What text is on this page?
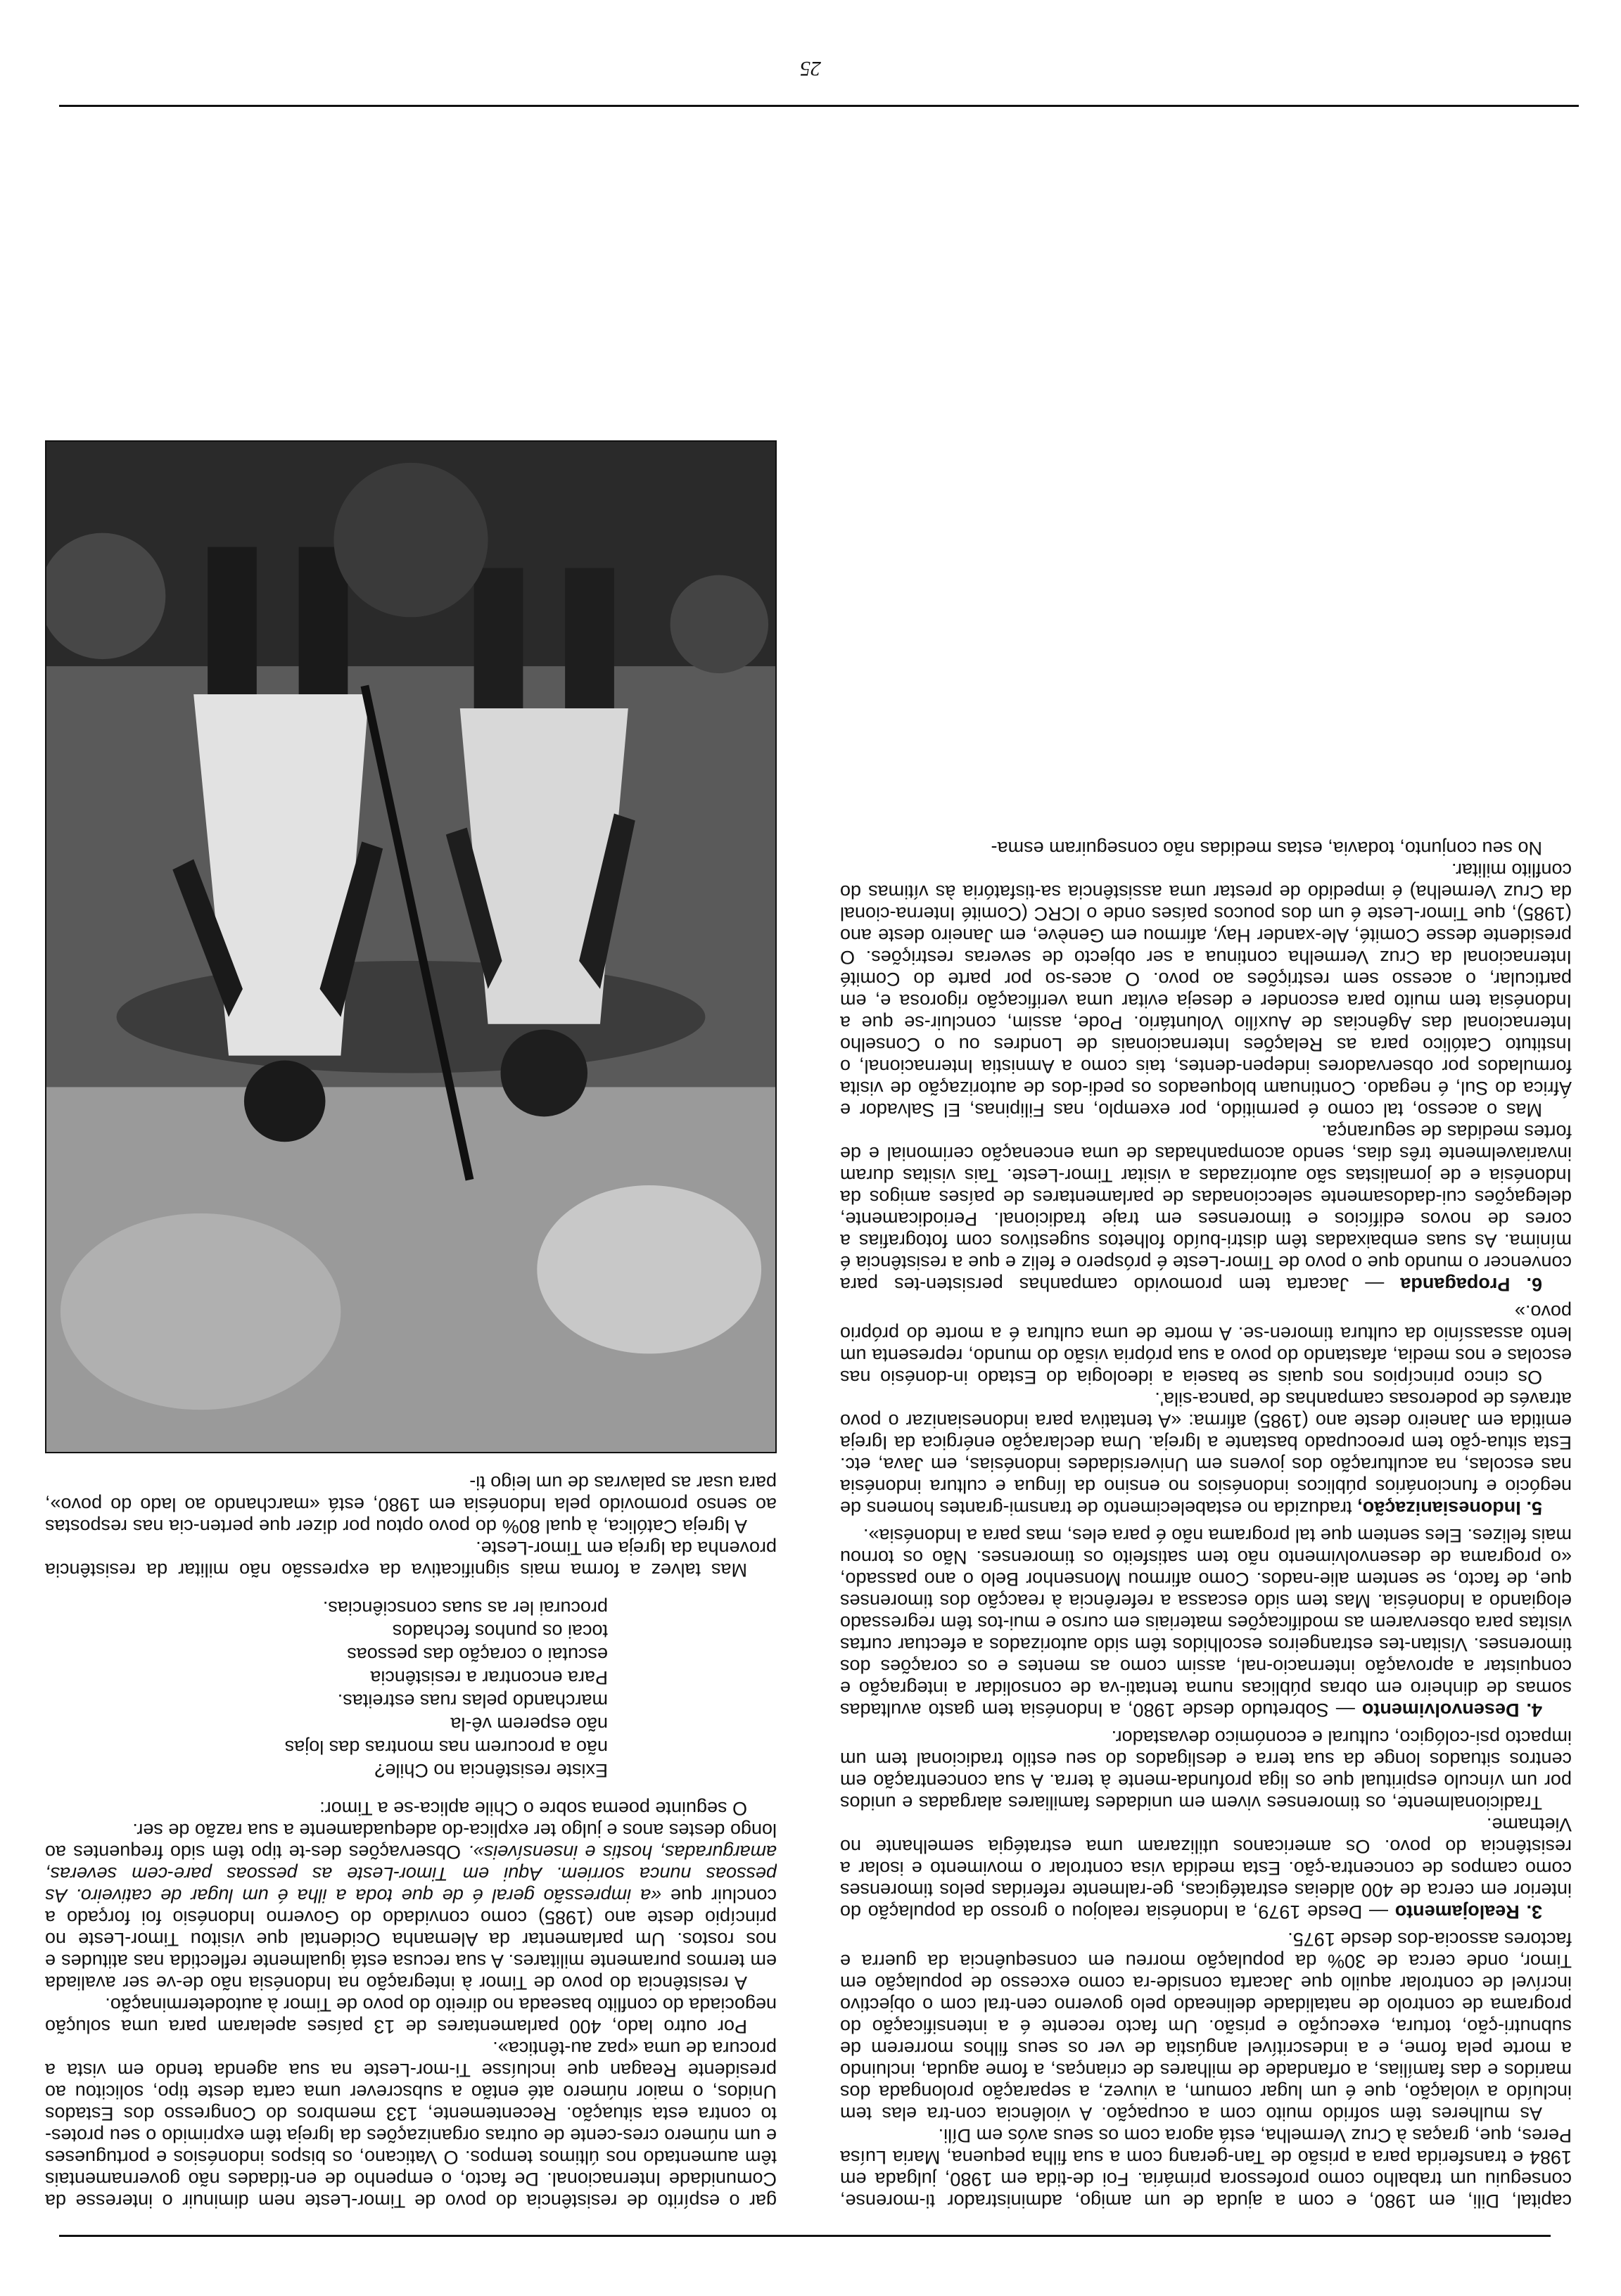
capital, Dili, em 1980, e com a ajuda de um amigo, administrador ti-morense, conseguiu um trabalho como professora primária. Foi de-tida em 1980, julgada em 1984 e transferida para a prisão de Tan-gerang com a sua filha pequena, Maria Luísa Peres, que, graças à Cruz Vermelha, está agora com os seus avós em Díli.

As mulheres têm sofrido muito com a ocupação. A violência con-tra elas tem incluído a violação, que é um lugar comum, a viuvez, a separação prolongada dos maridos e das famílias, a orfandade de milhares de crianças, a fome aguda, incluindo a morte pela fome, e a indescritível angústia de ver os seus filhos morrerem de subnutri-ção, tortura, execução e prisão. Um facto recente é a intensificação do programa de controlo de natalidade delineado pelo governo cen-tral com o objectivo incrível de controlar aquilo que Jacarta conside-ra como excesso de população em Timor, onde cerca de 30% da população morreu em consequência da guerra e factores associa-dos desde 1975.

3. Realojamento — Desde 1979, a Indonésia realojou o grosso da população do interior em cerca de 400 aldeias estratégicas, ge-ralmente referidas pelos timorenses como campos de concentra-ção. Esta medida visa controlar o movimento e isolar a resistência do povo. Os americanos utilizaram uma estratégia semelhante no Vietname.

Tradicionalmente, os timorenses vivem em unidades familiares alargadas e unidos por um vínculo espiritual que os liga profunda-mente à terra. A sua concentração em centros situados longe da sua terra e desligados do seu estilo tradicional tem um impacto psi-cológico, cultural e económico devastador.

4. Desenvolvimento — Sobretudo desde 1980, a Indonésia tem gasto avultadas somas de dinheiro em obras públicas numa tentati-va de consolidar a integração e conquistar a aprovação internacio-nal, assim como as mentes e os corações dos timorenses. Visitan-tes estrangeiros escolhidos têm sido autorizados a efectuar curtas visitas para observarem as modificações materiais em curso e mui-tos têm regressado elogiando a Indonésia. Mas tem sido escassa a referência à reacção dos timorenses que, de facto, se sentem alie-nados. Como afirmou Monsenhor Belo o ano passado, «o programa de desenvolvimento não tem satisfeito os timorenses. Não os tornou mais felizes. Eles sentem que tal programa não é para eles, mas para a Indonésia».

5. Indonesianização, traduzida no estabelecimento de transmi-grantes homens de negócio e funcionários públicos indonésios no ensino da língua e cultura indonésia nas escolas, na aculturação dos jovens em Universidades indonésias, em Java, etc. Esta situa-ção tem preocupado bastante a Igreja. Uma declaração enérgica da Igreja emitida em Janeiro deste ano (1985) afirma: «A tentativa para indonesianizar o povo através de poderosas campanhas de 'panca-sila'.

Os cinco princípios nos quais se baseia a ideologia do Estado in-donésio nas escolas e nos media, afastando do povo a sua própria visão do mundo, representa um lento assassínio da cultura timoren-se. A morte de uma cultura é a morte do próprio povo.»

6. Propaganda — Jacarta tem promovido campanhas persisten-tes para convencer o mundo que o povo de Timor-Leste é próspero e feliz e que a resistência é mínima. As suas embaixadas têm distri-buído folhetos sugestivos com fotografias a cores de novos edifícios e timorenses em traje tradicional. Periodicamente, delegações cui-dadosamente seleccionadas de parlamentares de países amigos da Indonésia e de jornalistas são autorizadas a visitar Timor-Leste. Tais visitas duram invariavelmente três dias, sendo acompanhadas de uma encenação cerimonial e de fortes medidas de segurança.

Mas o acesso, tal como é permitido, por exemplo, nas Filipinas, El Salvador e África do Sul, é negado. Continuam bloqueados os pedi-dos de autorização de visita formulados por observadores indepen-dentes, tais como a Amnistia Internacional, o Instituto Católico para as Relações Internacionais de Londres ou o Conselho Internacional das Agências de Auxílio Voluntário. Pode, assim, concluir-se que a Indonésia tem muito para esconder e deseja evitar uma verificação rigorosa e, em particular, o acesso sem restrições ao povo. O aces-so por parte do Comité Internacional da Cruz Vermelha continua a ser objecto de severas restrições. O presidente desse Comité, Ale-xander Hay, afirmou em Genève, em Janeiro deste ano (1985), que Timor-Leste é um dos poucos países onde o ICRC (Comité Interna-cional da Cruz Vermelha) é impedido de prestar uma assistência sa-tisfatória às vítimas do conflito militar.

No seu conjunto, todavia, estas medidas não conseguiram esma-

gar o espírito de resistência do povo de Timor-Leste nem diminuir o interesse da Comunidade Internacional. De facto, o empenho de en-tidades não governamentais têm aumentado nos últimos tempos. O Vaticano, os bispos indonésios e portugueses e um número cres-cente de outras organizações da Igreja têm exprimido o seu protes-to contra esta situação. Recentemente, 133 membros do Congresso dos Estados Unidos, o maior número até então a subscrever uma carta deste tipo, solicitou ao presidente Reagan que incluísse Ti-mor-Leste na sua agenda tendo em vista a procura de uma «paz au-têntica».

Por outro lado, 400 parlamentares de 13 países apelaram para uma solução negociada do conflito baseada no direito do povo de Timor à autodeterminação.

A resistência do povo de Timor à integração na Indonésia não de-ve ser avaliada em termos puramente militares. A sua recusa está igualmente reflectida nas atitudes e nos rostos. Um parlamentar da Alemanha Ocidental que visitou Timor-Leste no princípio deste ano (1985) como convidado do Governo Indonésio foi forçado a concluir que «a impressão geral é de que toda a ilha é um lugar de cativeiro. As pessoas nunca sorriem. Aqui em Timor-Leste as pessoas pare-cem severas, amarguradas, hostis e insensíveis». Observações des-te tipo têm sido frequentes ao longo destes anos e julgo ter explica-do adequadamente a sua razão de ser.

O seguinte poema sobre o Chile aplica-se a Timor:

Existe resistência no Chile?
não a procurem nas montras das lojas
não esperem vê-la
marchando pelas ruas estreitas.
Para encontrar a resistência
escutai o coração das pessoas
tocai os punhos fechados
procurai ler as suas consciências.

Mas talvez a forma mais significativa da expressão não militar da resistência provenha da Igreja em Timor-Leste.

A Igreja Católica, à qual 80% do povo optou por dizer que perten-cia nas respostas ao senso promovido pela Indonésia em 1980, está «marchando ao lado do povo», para usar as palavras de um leigo ti-

25
